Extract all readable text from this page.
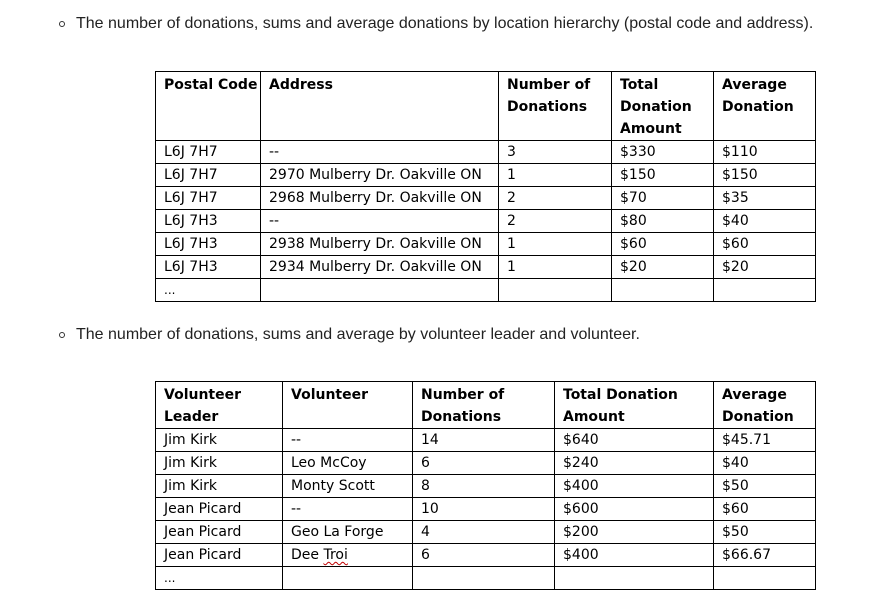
The number of donations, sums and average donations by location hierarchy (postal code and address).
Postal Code	Address	Number of Donations	Total Donation Amount	Average Donation
L6J 7H7	--	3	$330	$110
L6J 7H7	2970 Mulberry Dr. Oakville ON	1	$150	$150
L6J 7H7	2968 Mulberry Dr. Oakville ON	2	$70	$35
L6J 7H3	--	2	$80	$40
L6J 7H3	2938 Mulberry Dr. Oakville ON	1	$60	$60
L6J 7H3	2934 Mulberry Dr. Oakville ON	1	$20	$20
...				
The number of donations, sums and average by volunteer leader and volunteer.
Volunteer Leader	Volunteer	Number of Donations	Total Donation Amount	Average Donation
Jim Kirk	--	14	$640	$45.71
Jim Kirk	Leo McCoy	6	$240	$40
Jim Kirk	Monty Scott	8	$400	$50
Jean Picard	--	10	$600	$60
Jean Picard	Geo La Forge	4	$200	$50
Jean Picard	Dee Troi	6	$400	$66.67
...				
